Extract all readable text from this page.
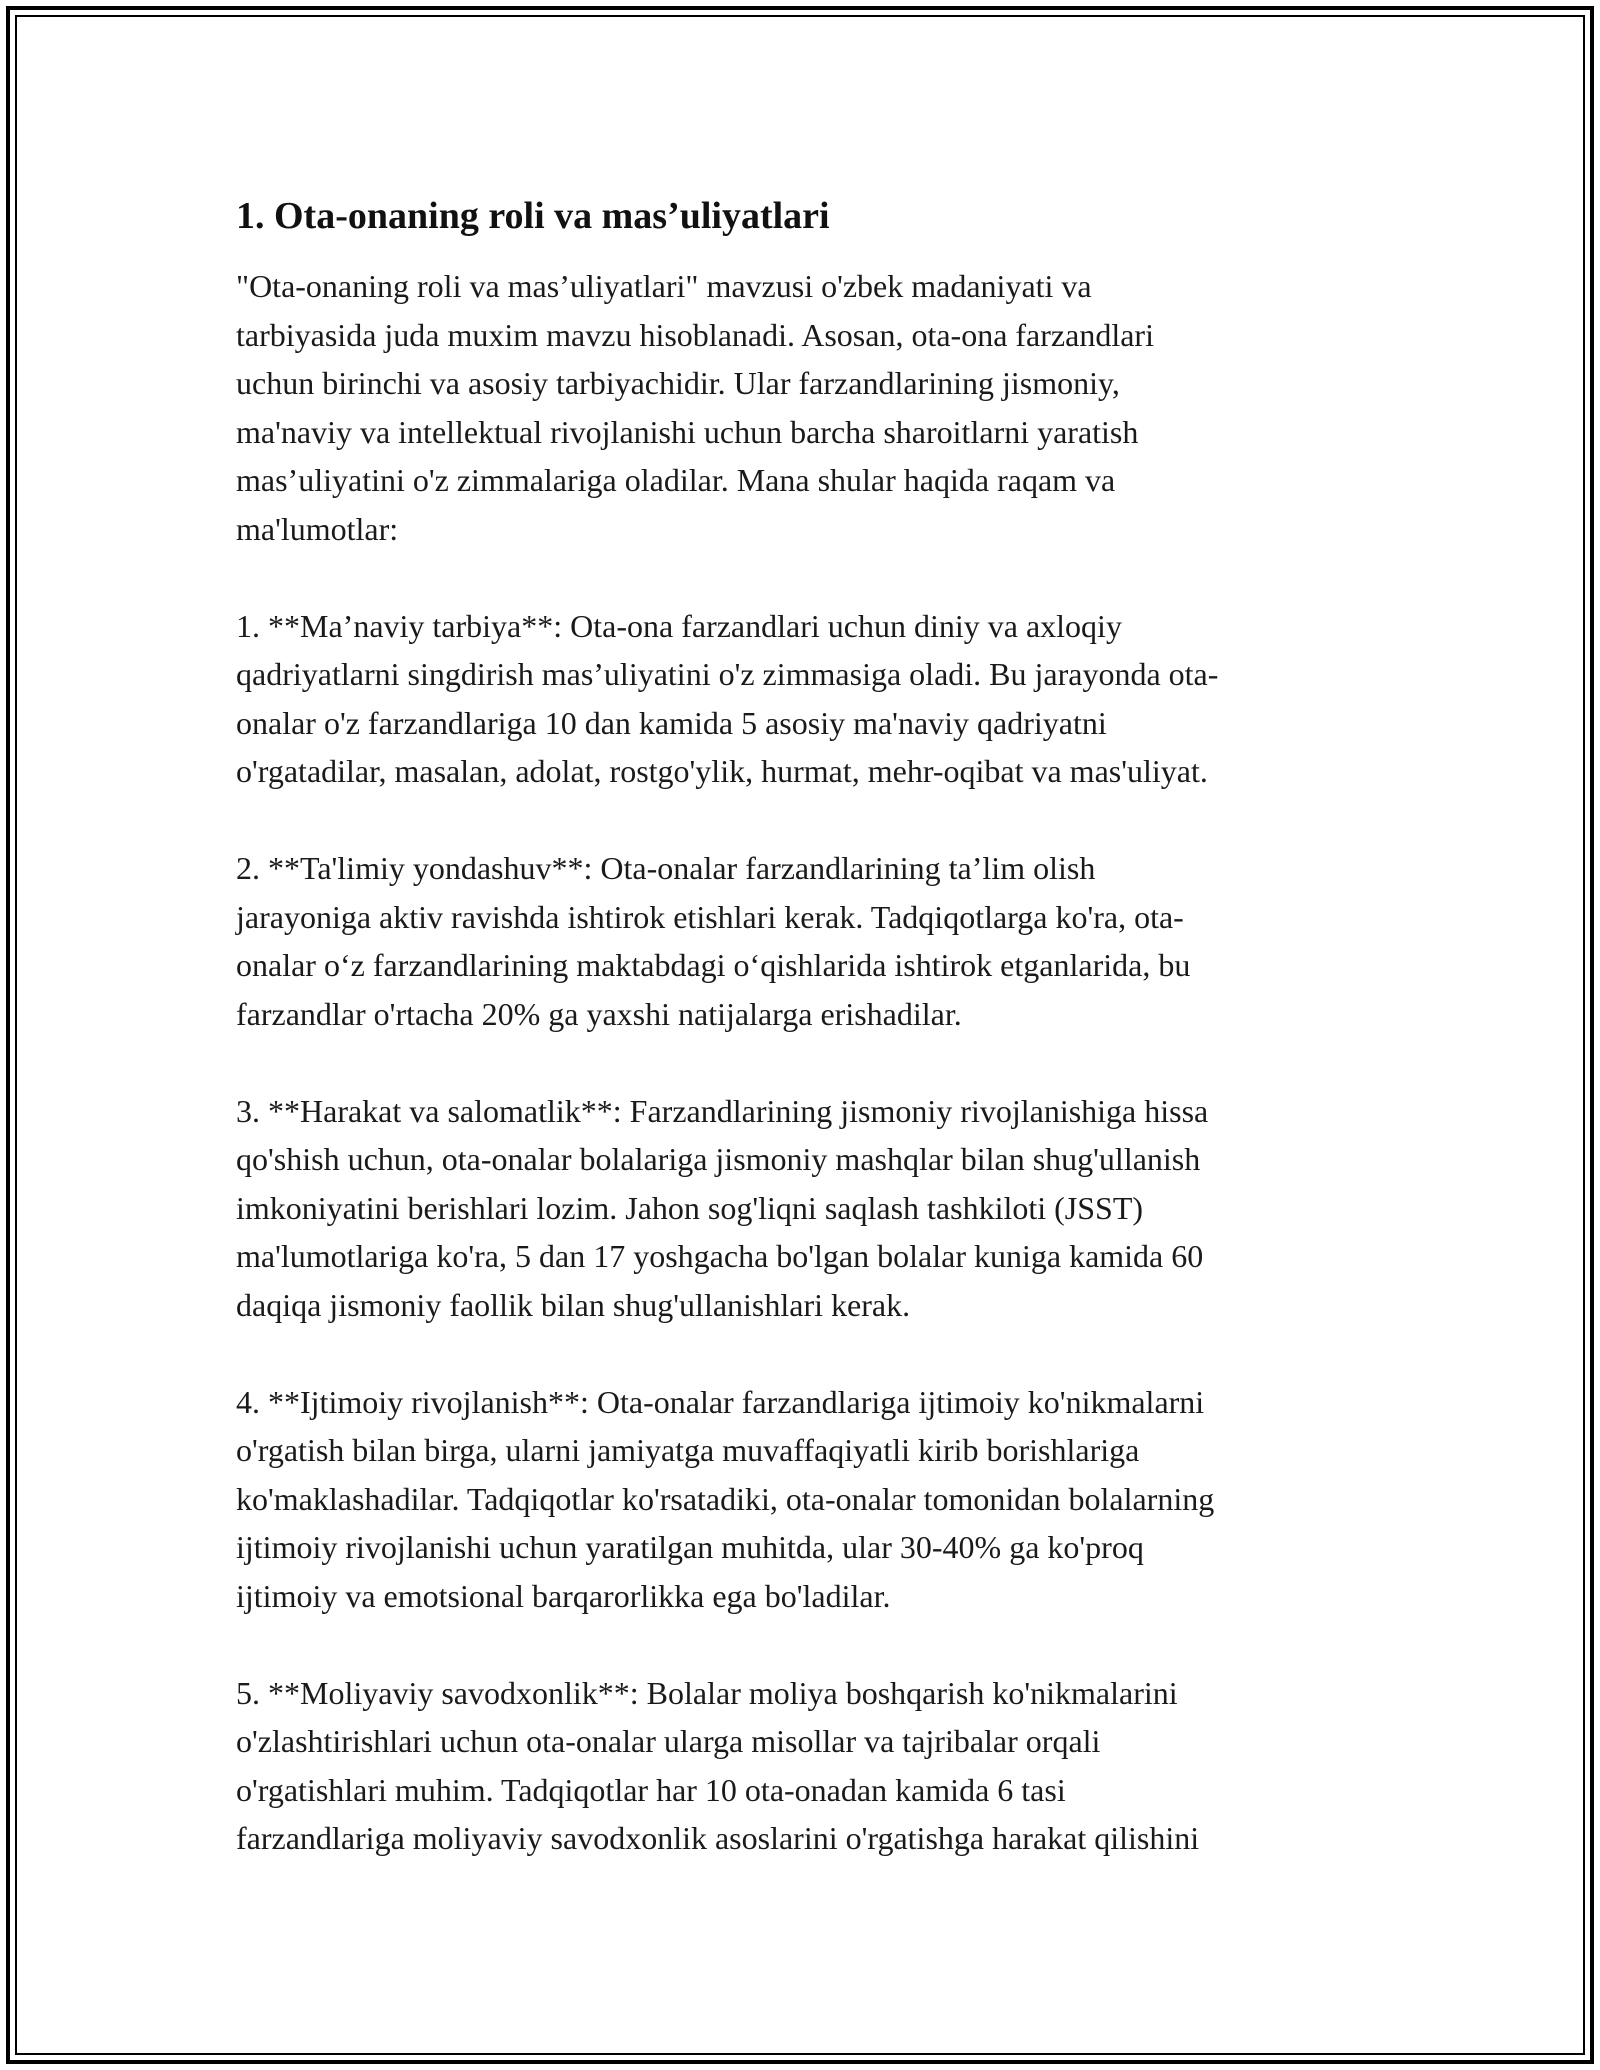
1. Ota-onaning roli va mas’uliyatlari

"Ota-onaning roli va mas’uliyatlari" mavzusi o'zbek madaniyati va
tarbiyasida juda muxim mavzu hisoblanadi. Asosan, ota-ona farzandlari
uchun birinchi va asosiy tarbiyachidir. Ular farzandlarining jismoniy,
ma'naviy va intellektual rivojlanishi uchun barcha sharoitlarni yaratish
mas’uliyatini o'z zimmalariga oladilar. Mana shular haqida raqam va
ma'lumotlar:

1. **Ma’naviy tarbiya**: Ota-ona farzandlari uchun diniy va axloqiy
qadriyatlarni singdirish mas’uliyatini o'z zimmasiga oladi. Bu jarayonda ota-
onalar o'z farzandlariga 10 dan kamida 5 asosiy ma'naviy qadriyatni
o'rgatadilar, masalan, adolat, rostgo'ylik, hurmat, mehr-oqibat va mas'uliyat.

2. **Ta'limiy yondashuv**: Ota-onalar farzandlarining ta’lim olish
jarayoniga aktiv ravishda ishtirok etishlari kerak. Tadqiqotlarga ko'ra, ota-
onalar o‘z farzandlarining maktabdagi o‘qishlarida ishtirok etganlarida, bu
farzandlar o'rtacha 20% ga yaxshi natijalarga erishadilar.

3. **Harakat va salomatlik**: Farzandlarining jismoniy rivojlanishiga hissa
qo'shish uchun, ota-onalar bolalariga jismoniy mashqlar bilan shug'ullanish
imkoniyatini berishlari lozim. Jahon sog'liqni saqlash tashkiloti (JSST)
ma'lumotlariga ko'ra, 5 dan 17 yoshgacha bo'lgan bolalar kuniga kamida 60
daqiqa jismoniy faollik bilan shug'ullanishlari kerak.

4. **Ijtimoiy rivojlanish**: Ota-onalar farzandlariga ijtimoiy ko'nikmalarni
o'rgatish bilan birga, ularni jamiyatga muvaffaqiyatli kirib borishlariga
ko'maklashadilar. Tadqiqotlar ko'rsatadiki, ota-onalar tomonidan bolalarning
ijtimoiy rivojlanishi uchun yaratilgan muhitda, ular 30-40% ga ko'proq
ijtimoiy va emotsional barqarorlikka ega bo'ladilar.

5. **Moliyaviy savodxonlik**: Bolalar moliya boshqarish ko'nikmalarini
o'zlashtirishlari uchun ota-onalar ularga misollar va tajribalar orqali
o'rgatishlari muhim. Tadqiqotlar har 10 ota-onadan kamida 6 tasi
farzandlariga moliyaviy savodxonlik asoslarini o'rgatishga harakat qilishini
